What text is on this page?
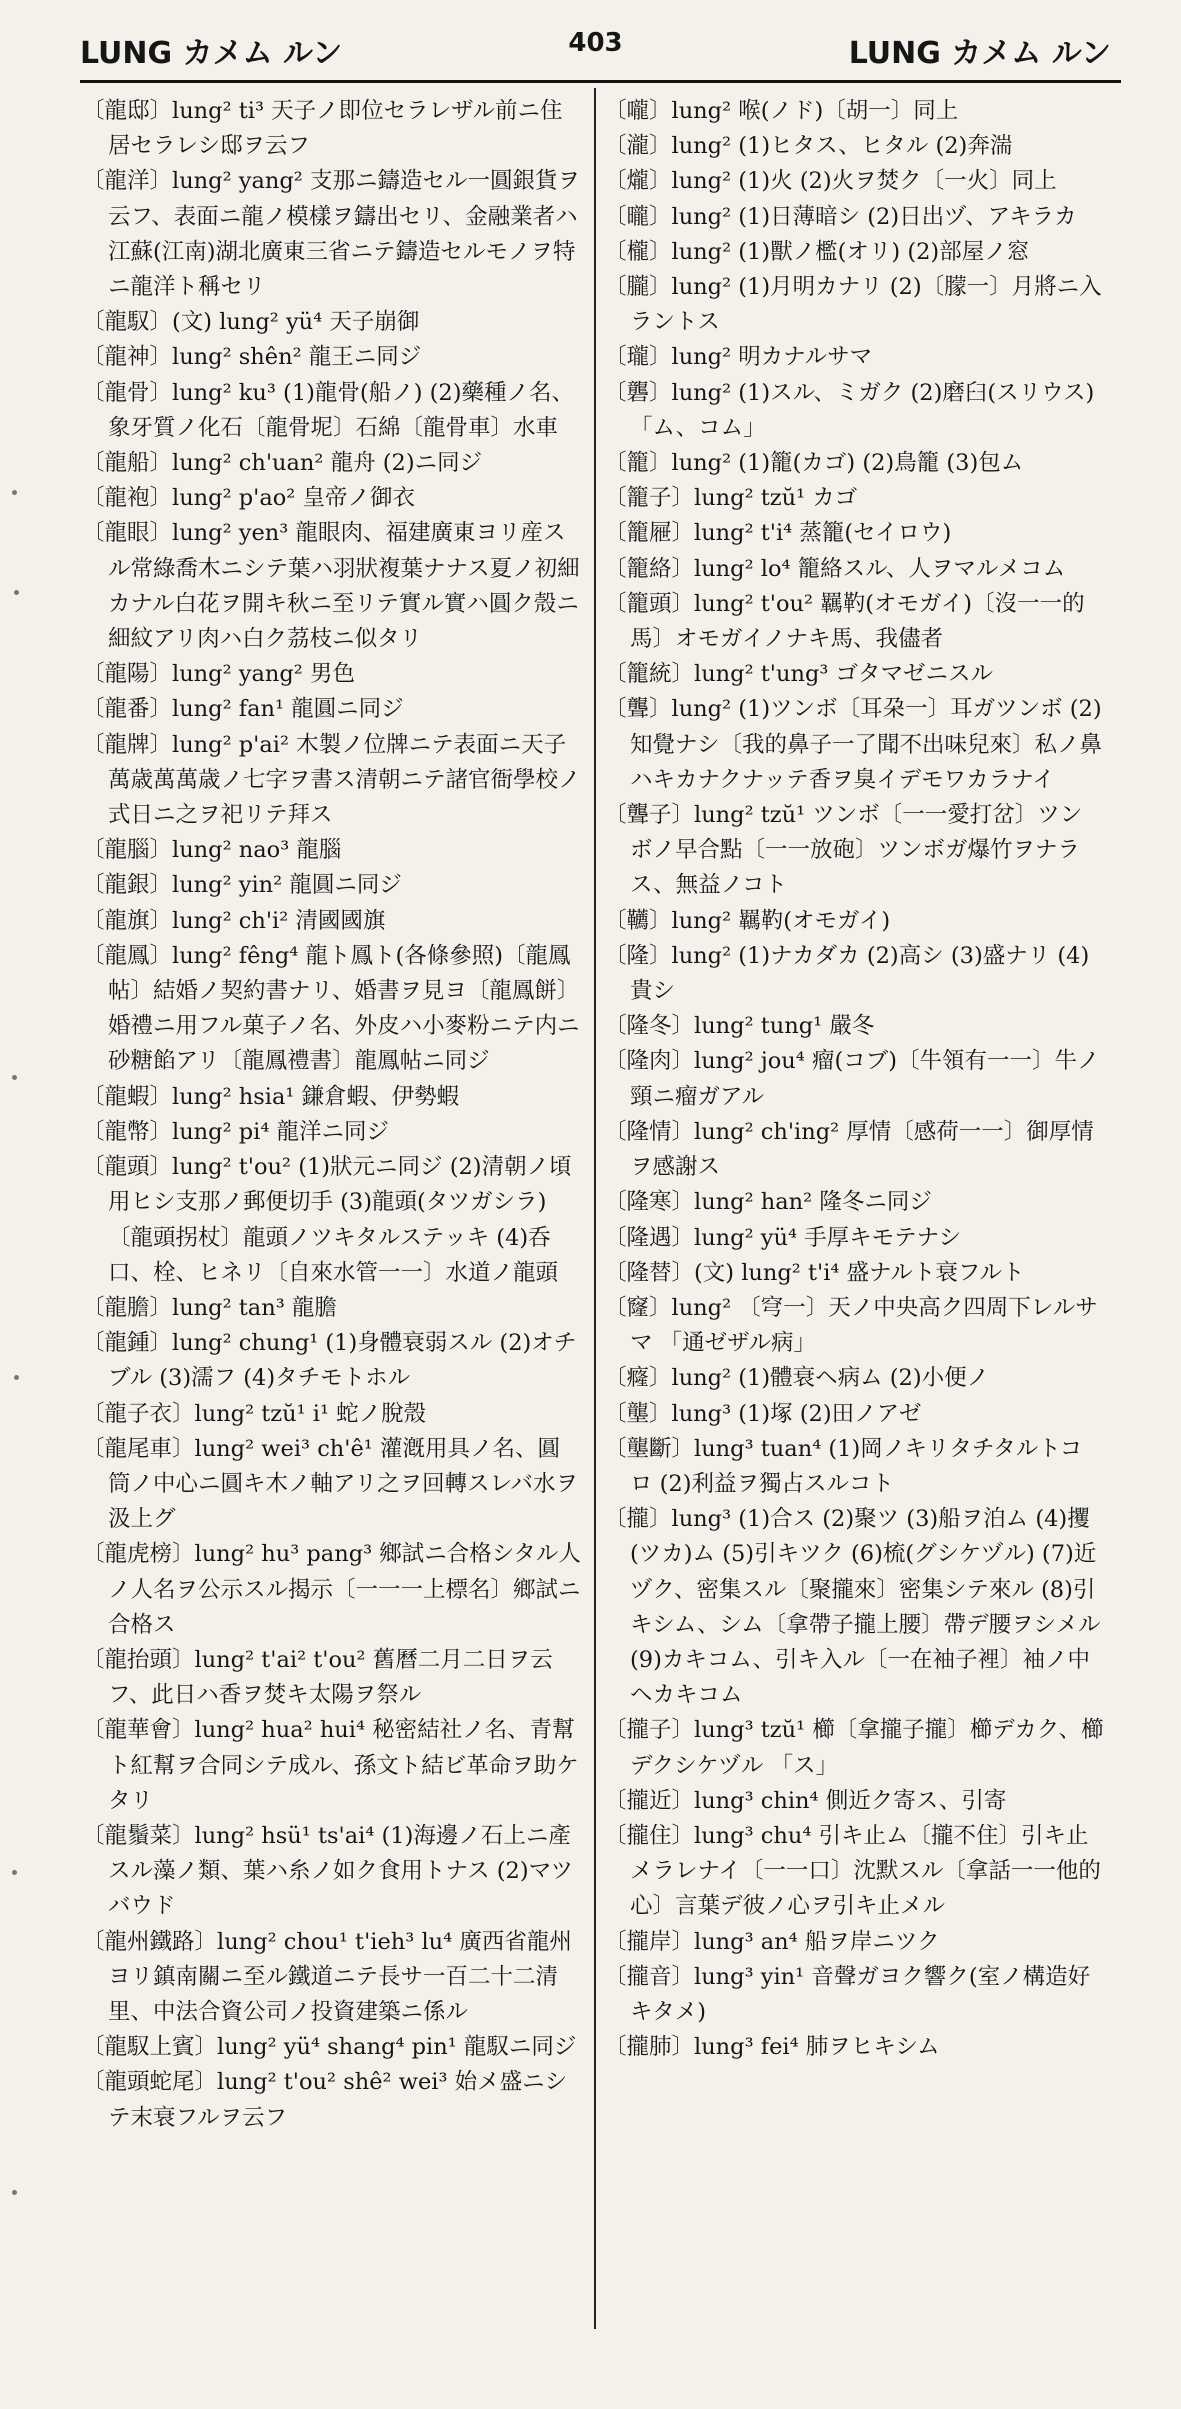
LUNG カメム ルン	403	LUNG カメム ルン

〔龍邸〕lung² ti³ 天子ノ即位セラレザル前ニ住居セラレシ邸ヲ云フ

〔龍洋〕lung² yang² 支那ニ鑄造セル一圓銀貨ヲ云フ、表面ニ龍ノ模樣ヲ鑄出セリ、金融業者ハ江蘇(江南)湖北廣東三省ニテ鑄造セルモノヲ特ニ龍洋ト稱セリ

〔龍馭〕(文) lung² yü⁴ 天子崩御

〔龍神〕lung² shên² 龍王ニ同ジ

〔龍骨〕lung² ku³ (1)龍骨(船ノ) (2)藥種ノ名、象牙質ノ化石〔龍骨坭〕石綿〔龍骨車〕水車

〔龍船〕lung² ch'uan² 龍舟 (2)ニ同ジ

〔龍袍〕lung² p'ao² 皇帝ノ御衣

〔龍眼〕lung² yen³ 龍眼肉、福建廣東ヨリ産スル常綠喬木ニシテ葉ハ羽狀複葉ナナス夏ノ初細カナル白花ヲ開キ秋ニ至リテ實ル實ハ圓ク殼ニ細紋アリ肉ハ白ク茘枝ニ似タリ

〔龍陽〕lung² yang² 男色

〔龍番〕lung² fan¹ 龍圓ニ同ジ

〔龍牌〕lung² p'ai² 木製ノ位牌ニテ表面ニ天子萬歳萬萬歳ノ七字ヲ書ス清朝ニテ諸官衙學校ノ式日ニ之ヲ祀リテ拜ス

〔龍腦〕lung² nao³ 龍腦

〔龍銀〕lung² yin² 龍圓ニ同ジ

〔龍旗〕lung² ch'i² 清國國旗

〔龍鳳〕lung² fêng⁴ 龍ト鳳ト(各條參照)〔龍鳳帖〕結婚ノ契約書ナリ、婚書ヲ見ヨ〔龍鳳餅〕婚禮ニ用フル菓子ノ名、外皮ハ小麥粉ニテ内ニ砂糖餡アリ〔龍鳳禮書〕龍鳳帖ニ同ジ

〔龍蝦〕lung² hsia¹ 鎌倉蝦、伊勢蝦

〔龍幣〕lung² pi⁴ 龍洋ニ同ジ

〔龍頭〕lung² t'ou² (1)狀元ニ同ジ (2)清朝ノ頃用ヒシ支那ノ郵便切手 (3)龍頭(タツガシラ)〔龍頭拐杖〕龍頭ノツキタルステッキ (4)呑口、栓、ヒネリ〔自來水管一一〕水道ノ龍頭

〔龍膽〕lung² tan³ 龍膽

〔龍鍾〕lung² chung¹ (1)身體衰弱スル (2)オチブル (3)濡フ (4)タチモトホル

〔龍子衣〕lung² tzŭ¹ i¹ 蛇ノ脫殼

〔龍尾車〕lung² wei³ ch'ê¹ 灌漑用具ノ名、圓筒ノ中心ニ圓キ木ノ軸アリ之ヲ回轉スレバ水ヲ汲上グ

〔龍虎榜〕lung² hu³ pang³ 鄉試ニ合格シタル人ノ人名ヲ公示スル揭示〔一一一上標名〕鄉試ニ合格ス

〔龍抬頭〕lung² t'ai² t'ou² 舊曆二月二日ヲ云フ、此日ハ香ヲ焚キ太陽ヲ祭ル

〔龍華會〕lung² hua² hui⁴ 秘密結社ノ名、青幫ト紅幫ヲ合同シテ成ル、孫文ト結ビ革命ヲ助ケタリ

〔龍鬚菜〕lung² hsü¹ ts'ai⁴ (1)海邊ノ石上ニ產スル藻ノ類、葉ハ糸ノ如ク食用トナス (2)マツバウド

〔龍州鐵路〕lung² chou¹ t'ieh³ lu⁴ 廣西省龍州ヨリ鎮南關ニ至ル鐵道ニテ長サ一百二十二清里、中法合資公司ノ投資建築ニ係ル

〔龍馭上賓〕lung² yü⁴ shang⁴ pin¹ 龍馭ニ同ジ

〔龍頭蛇尾〕lung² t'ou² shê² wei³ 始メ盛ニシテ末衰フルヲ云フ

〔嚨〕lung² 喉(ノド)〔胡一〕同上

〔瀧〕lung² (1)ヒタス、ヒタル (2)奔湍

〔爖〕lung² (1)火 (2)火ヲ焚ク〔一火〕同上

〔曨〕lung² (1)日薄暗シ (2)日出ヅ、アキラカ

〔櫳〕lung² (1)獸ノ檻(オリ) (2)部屋ノ窓

〔朧〕lung² (1)月明カナリ (2)〔朦一〕月將ニ入ラントス

〔瓏〕lung² 明カナルサマ

〔礱〕lung² (1)スル、ミガク (2)磨臼(スリウス) 「ム、コム」

〔籠〕lung² (1)籠(カゴ) (2)鳥籠 (3)包ム

〔籠子〕lung² tzŭ¹ カゴ

〔籠屜〕lung² t'i⁴ 蒸籠(セイロウ)

〔籠絡〕lung² lo⁴ 籠絡スル、人ヲマルメコム

〔籠頭〕lung² t'ou² 羈靮(オモガイ)〔沒一一的馬〕オモガイノナキ馬、我儘者

〔籠統〕lung² t'ung³ ゴタマゼニスル

〔聾〕lung² (1)ツンボ〔耳朶一〕耳ガツンボ (2)知覺ナシ〔我的鼻子一了聞不出味兒來〕私ノ鼻ハキカナクナッテ香ヲ臭イデモワカラナイ

〔聾子〕lung² tzŭ¹ ツンボ〔一一愛打岔〕ツンボノ早合點〔一一放砲〕ツンボガ爆竹ヲナラス、無益ノコト

〔韉〕lung² 羈靮(オモガイ)

〔隆〕lung² (1)ナカダカ (2)高シ (3)盛ナリ (4)貴シ

〔隆冬〕lung² tung¹ 嚴冬

〔隆肉〕lung² jou⁴ 瘤(コブ)〔牛領有一一〕牛ノ頸ニ瘤ガアル

〔隆情〕lung² ch'ing² 厚情〔感荷一一〕御厚情ヲ感謝ス

〔隆寒〕lung² han² 隆冬ニ同ジ

〔隆遇〕lung² yü⁴ 手厚キモテナシ

〔隆替〕(文) lung² t'i⁴ 盛ナルト衰フルト

〔窿〕lung² 〔穹一〕天ノ中央高ク四周下レルサマ 「通ゼザル病」

〔癃〕lung² (1)體衰ヘ病ム (2)小便ノ

〔壟〕lung³ (1)塚 (2)田ノアゼ

〔壟斷〕lung³ tuan⁴ (1)岡ノキリタチタルトコロ (2)利益ヲ獨占スルコト

〔攏〕lung³ (1)合ス (2)聚ツ (3)船ヲ泊ム (4)攫(ツカ)ム (5)引キツク (6)梳(グシケヅル) (7)近ヅク、密集スル〔聚攏來〕密集シテ來ル (8)引キシム、シム〔拿帶子攏上腰〕帶デ腰ヲシメル (9)カキコム、引キ入ル〔一在袖子裡〕袖ノ中ヘカキコム

〔攏子〕lung³ tzŭ¹ 櫛〔拿攏子攏〕櫛デカク、櫛デクシケヅル 「ス」

〔攏近〕lung³ chin⁴ 側近ク寄ス、引寄

〔攏住〕lung³ chu⁴ 引キ止ム〔攏不住〕引キ止メラレナイ〔一一口〕沈默スル〔拿話一一他的心〕言葉デ彼ノ心ヲ引キ止メル

〔攏岸〕lung³ an⁴ 船ヲ岸ニツク

〔攏音〕lung³ yin¹ 音聲ガヨク響ク(室ノ構造好キタメ)

〔攏肺〕lung³ fei⁴ 肺ヲヒキシム
